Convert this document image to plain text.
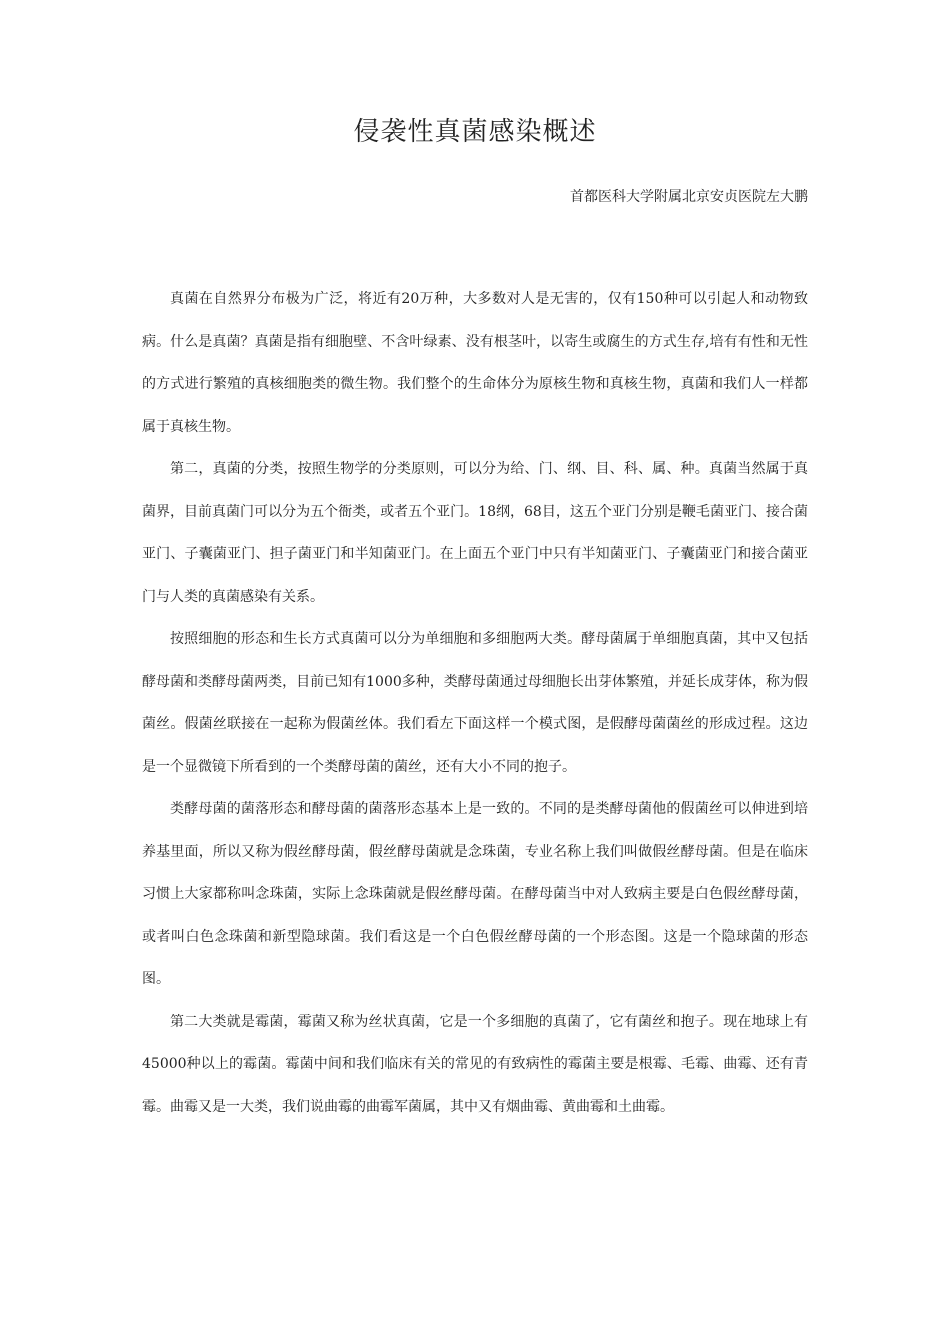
侵袭性真菌感染概述
首都医科大学附属北京安贞医院左大鹏

真菌在自然界分布极为广泛，将近有20万种，大多数对人是无害的，仅有150种可以引起人和动物致病。什么是真菌？真菌是指有细胞壁、不含叶绿素、没有根茎叶，以寄生或腐生的方式生存,培有有性和无性的方式进行繁殖的真核细胞类的微生物。我们整个的生命体分为原核生物和真核生物，真菌和我们人一样都属于真核生物。

第二，真菌的分类，按照生物学的分类原则，可以分为给、门、纲、目、科、属、种。真菌当然属于真菌界，目前真菌门可以分为五个衙类，或者五个亚门。18纲，68目，这五个亚门分别是鞭毛菌亚门、接合菌亚门、子囊菌亚门、担子菌亚门和半知菌亚门。在上面五个亚门中只有半知菌亚门、子囊菌亚门和接合菌亚门与人类的真菌感染有关系。

按照细胞的形态和生长方式真菌可以分为单细胞和多细胞两大类。酵母菌属于单细胞真菌，其中又包括酵母菌和类酵母菌两类，目前已知有1000多种，类酵母菌通过母细胞长出芽体繁殖，并延长成芽体，称为假菌丝。假菌丝联接在一起称为假菌丝体。我们看左下面这样一个模式图，是假酵母菌菌丝的形成过程。这边是一个显微镜下所看到的一个类酵母菌的菌丝，还有大小不同的抱子。

类酵母菌的菌落形态和酵母菌的菌落形态基本上是一致的。不同的是类酵母菌他的假菌丝可以伸进到培养基里面，所以又称为假丝酵母菌，假丝酵母菌就是念珠菌，专业名称上我们叫做假丝酵母菌。但是在临床习惯上大家都称叫念珠菌，实际上念珠菌就是假丝酵母菌。在酵母菌当中对人致病主要是白色假丝酵母菌，或者叫白色念珠菌和新型隐球菌。我们看这是一个白色假丝酵母菌的一个形态图。这是一个隐球菌的形态图。

第二大类就是霉菌，霉菌又称为丝状真菌，它是一个多细胞的真菌了，它有菌丝和抱子。现在地球上有45000种以上的霉菌。霉菌中间和我们临床有关的常见的有致病性的霉菌主要是根霉、毛霉、曲霉、还有青霉。曲霉又是一大类，我们说曲霉的曲霉军菌属，其中又有烟曲霉、黄曲霉和土曲霉。
